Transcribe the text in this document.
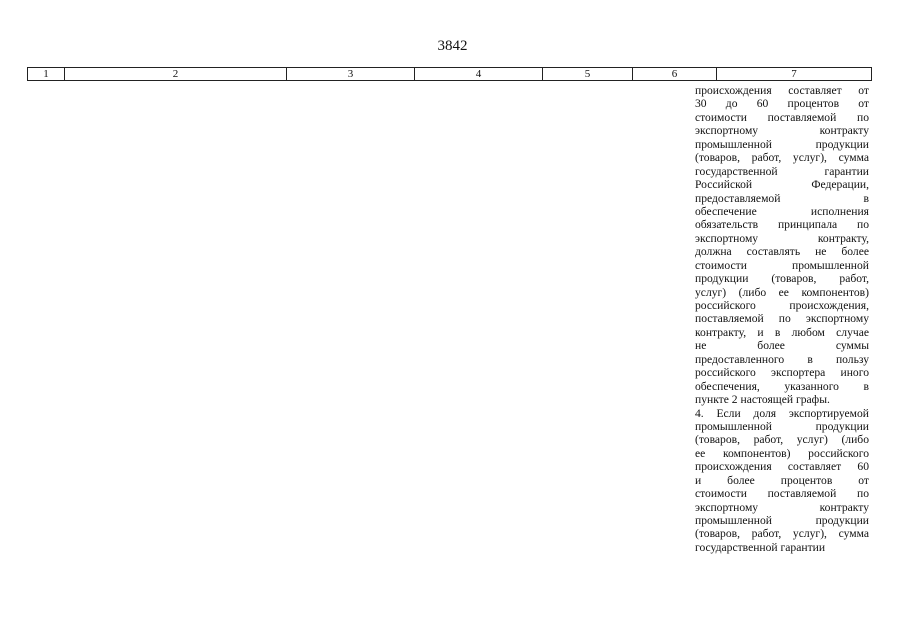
3842
1	2	3	4	5	6	7
происхождения составляет от
30 до 60 процентов от
стоимости поставляемой по
экспортному контракту
промышленной продукции
(товаров, работ, услуг), сумма
государственной гарантии
Российской Федерации,
предоставляемой в
обеспечение исполнения
обязательств принципала по
экспортному контракту,
должна составлять не более
стоимости промышленной
продукции (товаров, работ,
услуг) (либо ее компонентов)
российского происхождения,
поставляемой по экспортному
контракту, и в любом случае
не более суммы
предоставленного в пользу
российского экспортера иного
обеспечения, указанного в
пункте 2 настоящей графы.
4. Если доля экспортируемой
промышленной продукции
(товаров, работ, услуг) (либо
ее компонентов) российского
происхождения составляет 60
и более процентов от
стоимости поставляемой по
экспортному контракту
промышленной продукции
(товаров, работ, услуг), сумма
государственной гарантии
